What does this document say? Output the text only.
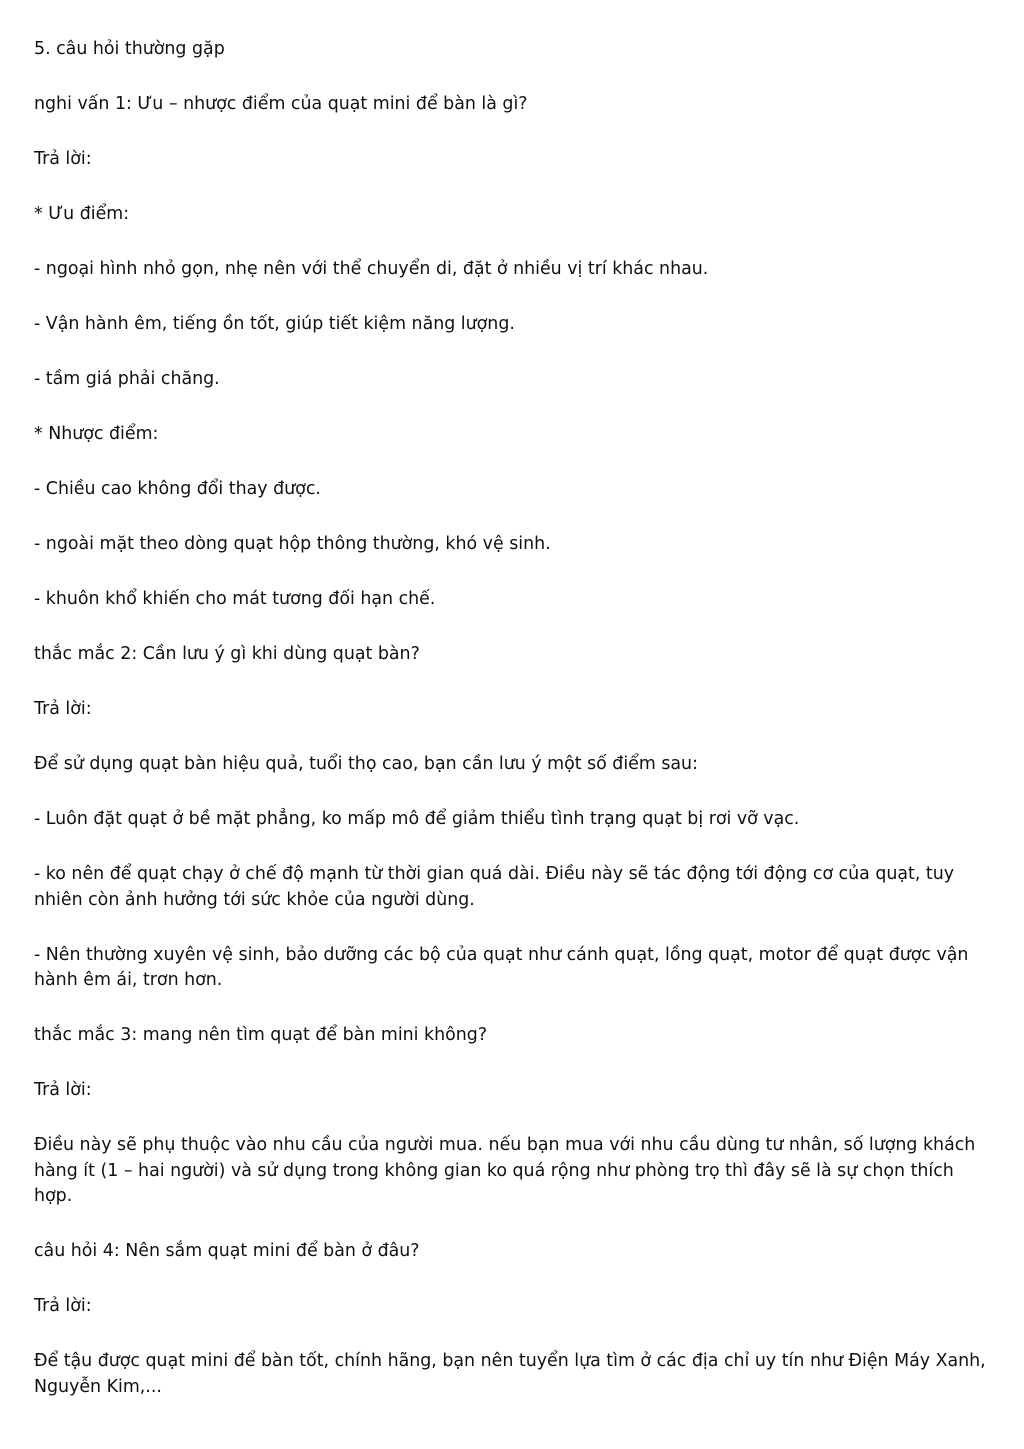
5. câu hỏi thường gặp

nghi vấn 1: Ưu – nhược điểm của quạt mini để bàn là gì?

Trả lời:

* Ưu điểm:

- ngoại hình nhỏ gọn, nhẹ nên với thể chuyển di, đặt ở nhiều vị trí khác nhau.

- Vận hành êm, tiếng ồn tốt, giúp tiết kiệm năng lượng.

- tầm giá phải chăng.

* Nhược điểm:

- Chiều cao không đổi thay được.

- ngoài mặt theo dòng quạt hộp thông thường, khó vệ sinh.

- khuôn khổ khiến cho mát tương đối hạn chế.

thắc mắc 2: Cần lưu ý gì khi dùng quạt bàn?

Trả lời:

Để sử dụng quạt bàn hiệu quả, tuổi thọ cao, bạn cần lưu ý một số điểm sau:

- Luôn đặt quạt ở bề mặt phẳng, ko mấp mô để giảm thiểu tình trạng quạt bị rơi vỡ vạc.

- ko nên để quạt chạy ở chế độ mạnh từ thời gian quá dài. Điều này sẽ tác động tới động cơ của quạt, tuy nhiên còn ảnh hưởng tới sức khỏe của người dùng.

- Nên thường xuyên vệ sinh, bảo dưỡng các bộ của quạt như cánh quạt, lồng quạt, motor để quạt được vận hành êm ái, trơn hơn.

thắc mắc 3: mang nên tìm quạt để bàn mini không?

Trả lời:

Điều này sẽ phụ thuộc vào nhu cầu của người mua. nếu bạn mua với nhu cầu dùng tư nhân, số lượng khách hàng ít (1 – hai người) và sử dụng trong không gian ko quá rộng như phòng trọ thì đây sẽ là sự chọn thích hợp.

câu hỏi 4: Nên sắm quạt mini để bàn ở đâu?

Trả lời:

Để tậu được quạt mini để bàn tốt, chính hãng, bạn nên tuyển lựa tìm ở các địa chỉ uy tín như Điện Máy Xanh, Nguyễn Kim,...
